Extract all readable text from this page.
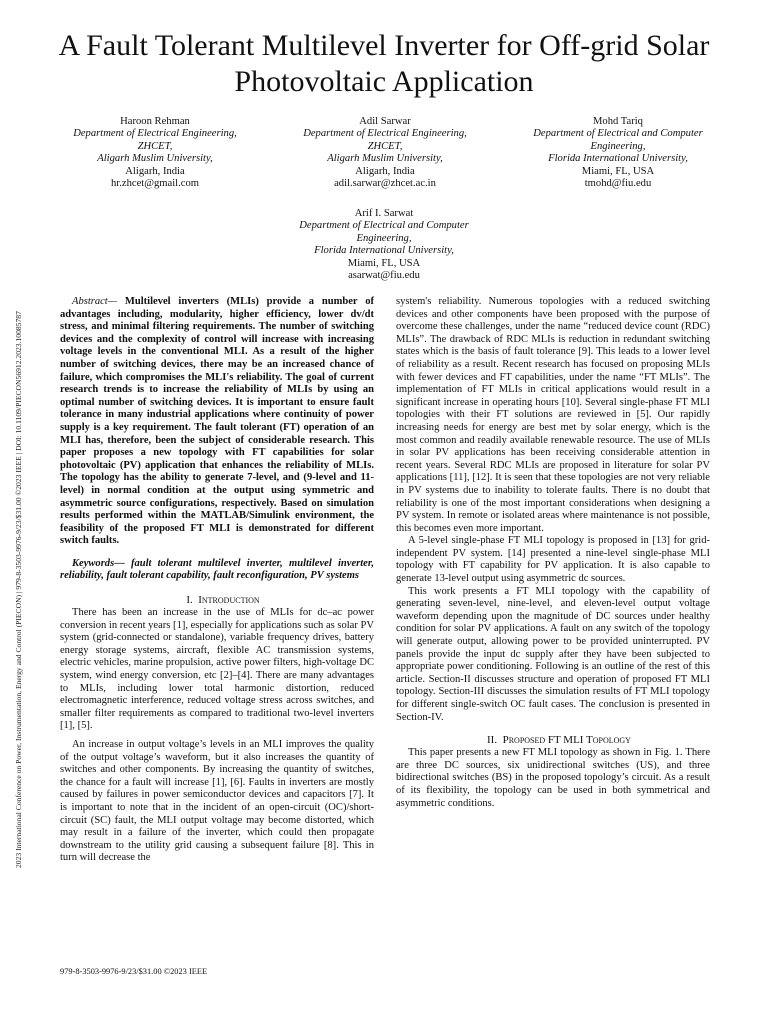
2023 International Conference on Power, Instrumentation, Energy and Control (PIECON) | 979-8-3503-9976-9/23/$31.00 ©2023 IEEE | DOI: 10.1109/PIECON56912.2023.10085787
A Fault Tolerant Multilevel Inverter for Off-grid Solar Photovoltaic Application
Haroon Rehman
Department of Electrical Engineering,
ZHCET,
Aligarh Muslim University,
Aligarh, India
hr.zhcet@gmail.com
Adil Sarwar
Department of Electrical Engineering,
ZHCET,
Aligarh Muslim University,
Aligarh, India
adil.sarwar@zhcet.ac.in
Mohd Tariq
Department of Electrical and Computer
Engineering,
Florida International University,
Miami, FL, USA
tmohd@fiu.edu
Arif I. Sarwat
Department of Electrical and Computer
Engineering,
Florida International University,
Miami, FL, USA
asarwat@fiu.edu

Abstract— Multilevel inverters (MLIs) provide a number of advantages including, modularity, higher efficiency, lower dv/dt stress, and minimal filtering requirements. The number of switching devices and the complexity of control will increase with increasing voltage levels in the conventional MLI. As a result of the higher number of switching devices, there may be an increased chance of failure, which compromises the MLI's reliability. The goal of current research trends is to increase the reliability of MLIs by using an optimal number of switching devices. It is important to ensure fault tolerance in many industrial applications where continuity of power supply is a key requirement. The fault tolerant (FT) operation of an MLI has, therefore, been the subject of considerable research. This paper proposes a new topology with FT capabilities for solar photovoltaic (PV) application that enhances the reliability of MLIs. The topology has the ability to generate 7-level, and (9-level and 11-level) in normal condition at the output using symmetric and asymmetric source configurations, respectively. Based on simulation results performed within the MATLAB/Simulink environment, the feasibility of the proposed FT MLI is demonstrated for different switch faults.

Keywords— fault tolerant multilevel inverter, multilevel inverter, reliability, fault tolerant capability, fault reconfiguration, PV systems

I. Introduction

There has been an increase in the use of MLIs for dc–ac power conversion in recent years [1], especially for applications such as solar PV system (grid-connected or standalone), variable frequency drives, battery energy storage systems, aircraft, flexible AC transmission systems, electric vehicles, marine propulsion, active power filters, high-voltage DC system, wind energy conversion, etc [2]–[4]. There are many advantages to MLIs, including lower total harmonic distortion, reduced electromagnetic interference, reduced voltage stress across switches, and smaller filter requirements as compared to traditional two-level inverters [1], [5].

An increase in output voltage’s levels in an MLI improves the quality of the output voltage’s waveform, but it also increases the quantity of switches and other components. By increasing the quantity of switches, the chance for a fault will increase [1], [6]. Faults in inverters are mostly caused by failures in power semiconductor devices and capacitors [7]. It is important to note that in the incident of an open-circuit (OC)/short-circuit (SC) fault, the MLI output voltage may become distorted, which may result in a failure of the inverter, which could then propagate downstream to the utility grid causing a subsequent failure [8]. This in turn will decrease the

system's reliability. Numerous topologies with a reduced switching devices and other components have been proposed with the purpose of overcome these challenges, under the name “reduced device count (RDC) MLIs”. The drawback of RDC MLIs is reduction in redundant switching states which is the basis of fault tolerance [9]. This leads to a lower level of reliability as a result. Recent research has focused on proposing MLIs with fewer devices and FT capabilities, under the name “FT MLIs”. The implementation of FT MLIs in critical applications would result in a significant increase in operating hours [10]. Several single-phase FT MLI topologies with their FT solutions are reviewed in [5]. Our rapidly increasing needs for energy are best met by solar energy, which is the most common and readily available renewable resource. The use of MLIs in solar PV applications has been receiving considerable attention in recent years. Several RDC MLIs are proposed in literature for solar PV applications [11], [12]. It is seen that these topologies are not very reliable in PV systems due to inability to tolerate faults. There is no doubt that reliability is one of the most important considerations when designing a PV system. In remote or isolated areas where maintenance is not possible, this becomes even more important.

A 5-level single-phase FT MLI topology is proposed in [13] for grid-independent PV system. [14] presented a nine-level single-phase MLI topology with FT capability for PV application. It is also capable to generate 13-level output using asymmetric dc sources.

This work presents a FT MLI topology with the capability of generating seven-level, nine-level, and eleven-level output voltage waveform depending upon the magnitude of DC sources under healthy condition for solar PV applications. A fault on any switch of the topology will generate output, allowing power to be provided uninterrupted. PV panels provide the input dc supply after they have been subjected to appropriate power conditioning. Following is an outline of the rest of this article. Section-II discusses structure and operation of proposed FT MLI topology. Section-III discusses the simulation results of FT MLI topology for different single-switch OC fault cases. The conclusion is presented in Section-IV.

II. Proposed FT MLI Topology

This paper presents a new FT MLI topology as shown in Fig. 1. There are three DC sources, six unidirectional switches (US), and three bidirectional switches (BS) in the proposed topology’s circuit. As a result of its flexibility, the topology can be used in both symmetrical and asymmetric conditions.

979-8-3503-9976-9/23/$31.00 ©2023 IEEE
